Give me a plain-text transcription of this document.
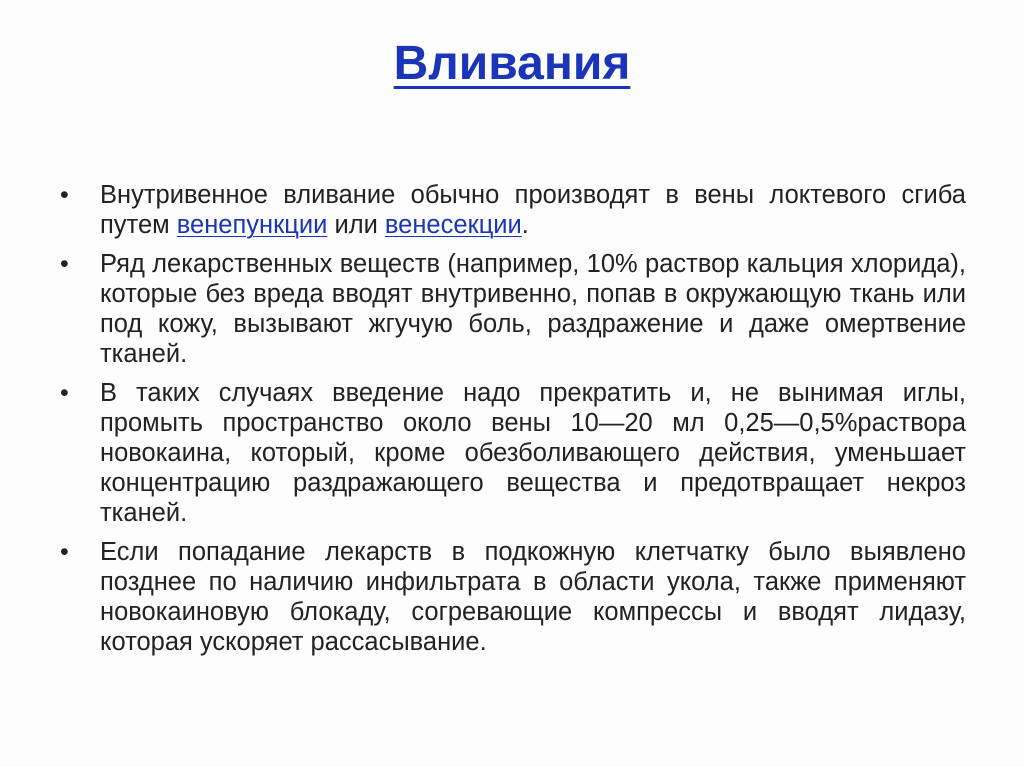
Вливания
• Внутривенное вливание обычно производят в вены локтевого сгиба путем венепункции или венесекции.
• Ряд лекарственных веществ (например, 10% раствор кальция хлорида), которые без вреда вводят внутривенно, попав в окружающую ткань или под кожу, вызывают жгучую боль, раздражение и даже омертвение тканей.
• В таких случаях введение надо прекратить и, не вынимая иглы, промыть пространство около вены 10—20 мл 0,25—0,5%раствора новокаина, который, кроме обезболивающего действия, уменьшает концентрацию раздражающего вещества и предотвращает некроз тканей.
• Если попадание лекарств в подкожную клетчатку было выявлено позднее по наличию инфильтрата в области укола, также применяют новокаиновую блокаду, согревающие компрессы и вводят лидазу, которая ускоряет рассасывание.
